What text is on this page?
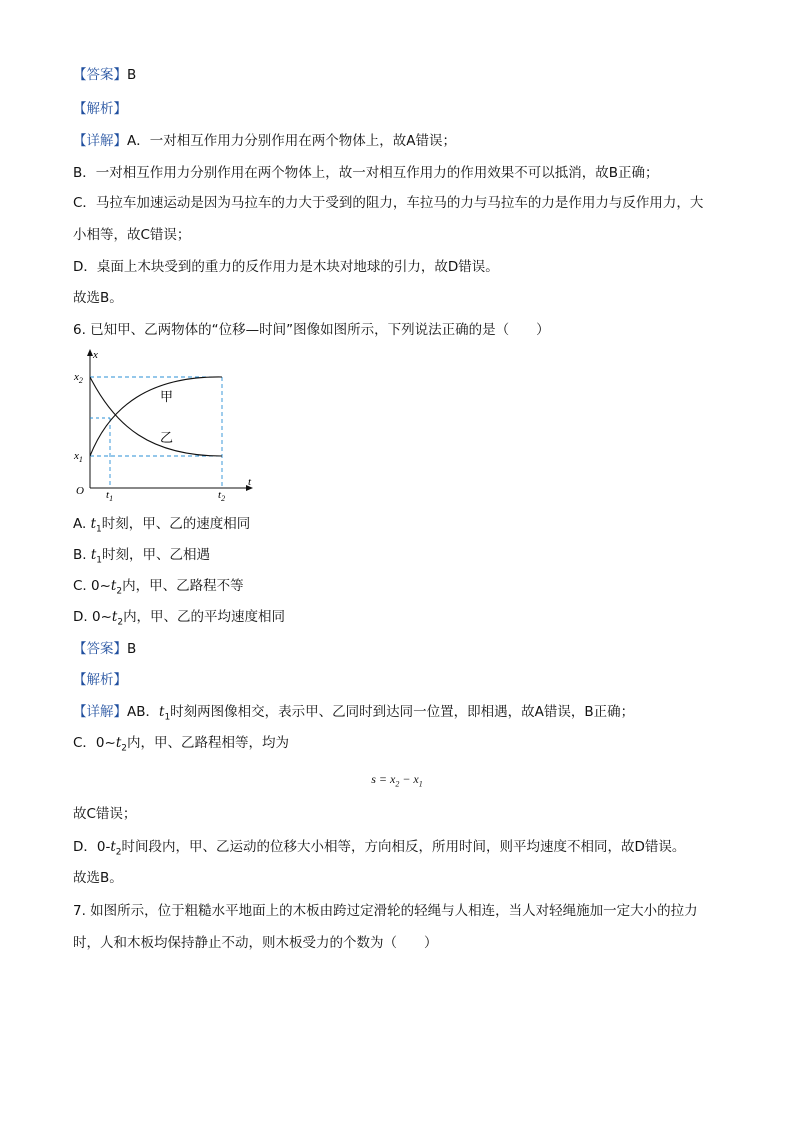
【答案】B
【解析】
【详解】A．一对相互作用力分别作用在两个物体上，故A错误；
B．一对相互作用力分别作用在两个物体上，故一对相互作用力的作用效果不可以抵消，故B正确；
C．马拉车加速运动是因为马拉车的力大于受到的阻力，车拉马的力与马拉车的力是作用力与反作用力，大
小相等，故C错误；
D．桌面上木块受到的重力的反作用力是木块对地球的引力，故D错误。
故选B。
6. 已知甲、乙两物体的“位移—时间”图像如图所示，下列说法正确的是（　　）
x
t
O
$x_2$
$x_1$
$t_1$	$t_2$
甲
乙
A. $t_1$时刻，甲、乙的速度相同
B. $t_1$时刻，甲、乙相遇
C. $0\sim t_2$内，甲、乙路程不等
D. $0\sim t_2$内，甲、乙的平均速度相同
【答案】B
【解析】
【详解】AB．$t_1$时刻两图像相交，表示甲、乙同时到达同一位置，即相遇，故A错误，B正确；
C．$0\sim t_2$内，甲、乙路程相等，均为
$s = x_2 - x_1$
故C错误；
D．$0-t_2$时间段内，甲、乙运动的位移大小相等，方向相反，所用时间，则平均速度不相同，故D错误。
故选B。
7. 如图所示，位于粗糙水平地面上的木板由跨过定滑轮的轻绳与人相连，当人对轻绳施加一定大小的拉力
时，人和木板均保持静止不动，则木板受力的个数为（　　）
